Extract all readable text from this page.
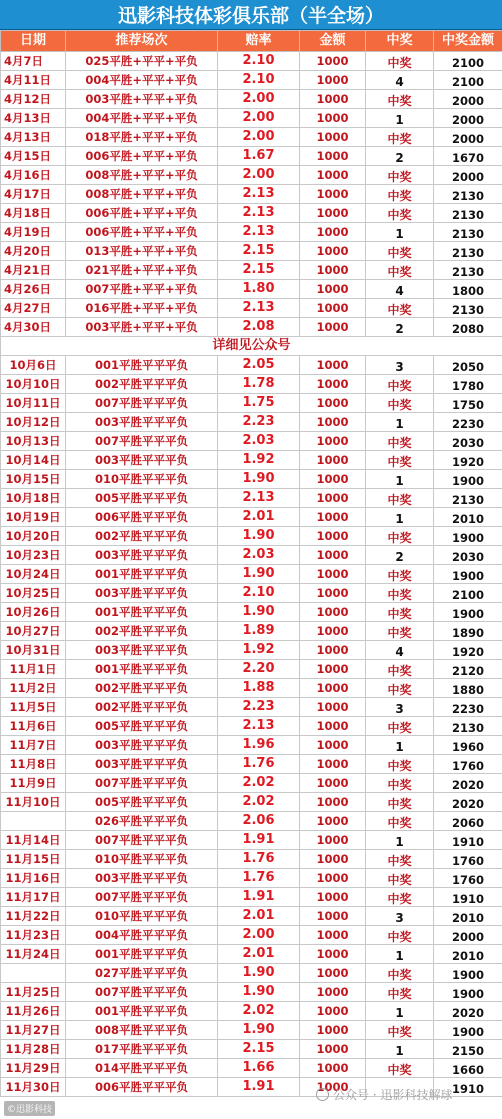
迅影科技体彩俱乐部（半全场）
日期	推荐场次	赔率	金额	中奖	中奖金额
4月7日	025平胜+平平+平负	2.10	1000	中奖	2100
4月11日	004平胜+平平+平负	2.10	1000	4	2100
4月12日	003平胜+平平+平负	2.00	1000	中奖	2000
4月13日	004平胜+平平+平负	2.00	1000	1	2000
4月13日	018平胜+平平+平负	2.00	1000	中奖	2000
4月15日	006平胜+平平+平负	1.67	1000	2	1670
4月16日	008平胜+平平+平负	2.00	1000	中奖	2000
4月17日	008平胜+平平+平负	2.13	1000	中奖	2130
4月18日	006平胜+平平+平负	2.13	1000	中奖	2130
4月19日	006平胜+平平+平负	2.13	1000	1	2130
4月20日	013平胜+平平+平负	2.15	1000	中奖	2130
4月21日	021平胜+平平+平负	2.15	1000	中奖	2130
4月26日	007平胜+平平+平负	1.80	1000	4	1800
4月27日	016平胜+平平+平负	2.13	1000	中奖	2130
4月30日	003平胜+平平+平负	2.08	1000	2	2080
详细见公众号					
10月6日	001平胜平平平负	2.05	1000	3	2050
10月10日	002平胜平平平负	1.78	1000	中奖	1780
10月11日	007平胜平平平负	1.75	1000	中奖	1750
10月12日	003平胜平平平负	2.23	1000	1	2230
10月13日	007平胜平平平负	2.03	1000	中奖	2030
10月14日	003平胜平平平负	1.92	1000	中奖	1920
10月15日	010平胜平平平负	1.90	1000	1	1900
10月18日	005平胜平平平负	2.13	1000	中奖	2130
10月19日	006平胜平平平负	2.01	1000	1	2010
10月20日	002平胜平平平负	1.90	1000	中奖	1900
10月23日	003平胜平平平负	2.03	1000	2	2030
10月24日	001平胜平平平负	1.90	1000	中奖	1900
10月25日	003平胜平平平负	2.10	1000	中奖	2100
10月26日	001平胜平平平负	1.90	1000	中奖	1900
10月27日	002平胜平平平负	1.89	1000	中奖	1890
10月31日	003平胜平平平负	1.92	1000	4	1920
11月1日	001平胜平平平负	2.20	1000	中奖	2120
11月2日	002平胜平平平负	1.88	1000	中奖	1880
11月5日	002平胜平平平负	2.23	1000	3	2230
11月6日	005平胜平平平负	2.13	1000	中奖	2130
11月7日	003平胜平平平负	1.96	1000	1	1960
11月8日	003平胜平平平负	1.76	1000	中奖	1760
11月9日	007平胜平平平负	2.02	1000	中奖	2020
11月10日	005平胜平平平负	2.02	1000	中奖	2020
	026平胜平平平负	2.06	1000	中奖	2060
11月14日	007平胜平平平负	1.91	1000	1	1910
11月15日	010平胜平平平负	1.76	1000	中奖	1760
11月16日	003平胜平平平负	1.76	1000	中奖	1760
11月17日	007平胜平平平负	1.91	1000	中奖	1910
11月22日	010平胜平平平负	2.01	1000	3	2010
11月23日	004平胜平平平负	2.00	1000	中奖	2000
11月24日	001平胜平平平负	2.01	1000	1	2010
	027平胜平平平负	1.90	1000	中奖	1900
11月25日	007平胜平平平负	1.90	1000	中奖	1900
11月26日	001平胜平平平负	2.02	1000	1	2020
11月27日	008平胜平平平负	1.90	1000	中奖	1900
11月28日	017平胜平平平负	2.15	1000	1	2150
11月29日	014平胜平平平负	1.66	1000	中奖	1660
11月30日	006平胜平平平负	1.91	1000		1910
©迅影科技
公众号 · 迅影科技解球
